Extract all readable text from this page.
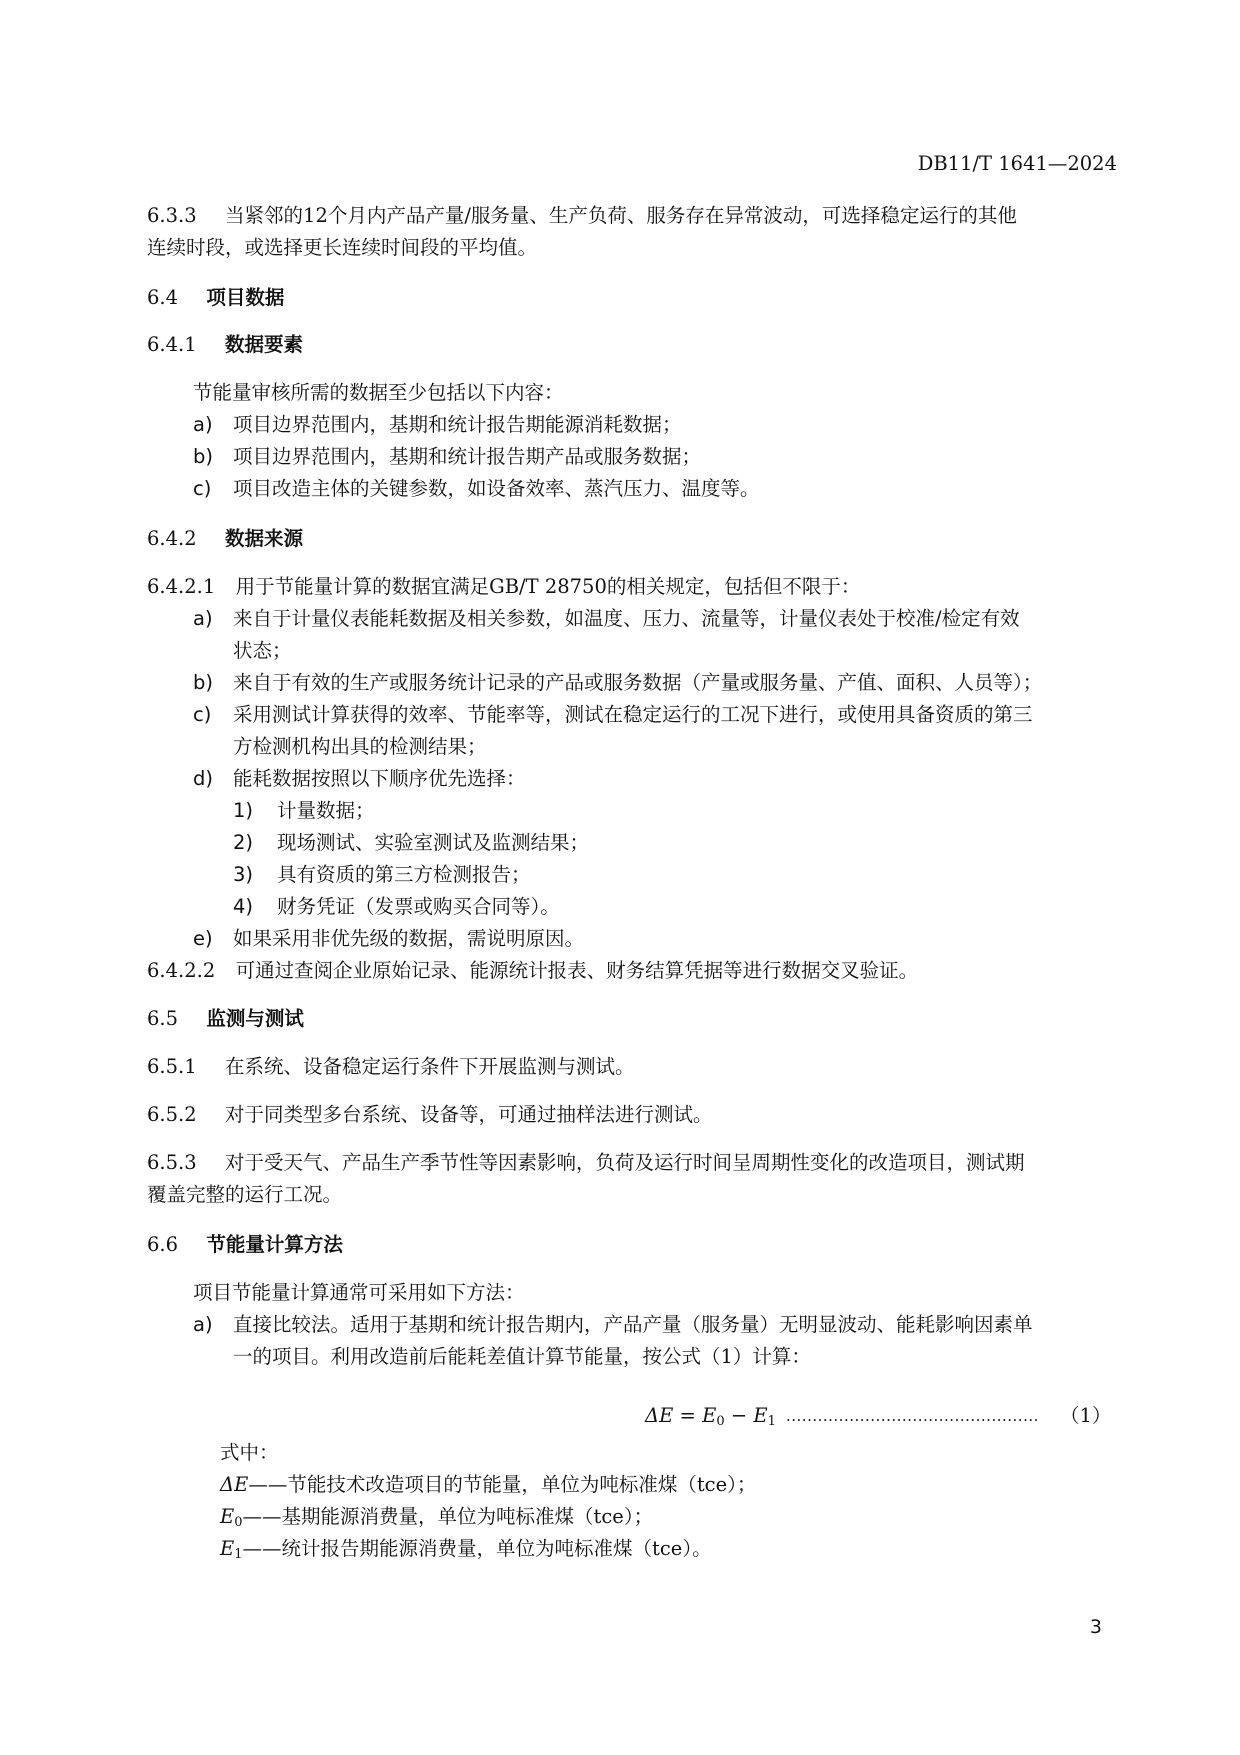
DB11/T 1641—2024
6.3.3 当紧邻的12个月内产品产量/服务量、生产负荷、服务存在异常波动，可选择稳定运行的其他
连续时段，或选择更长连续时间段的平均值。
6.4 项目数据
6.4.1 数据要素
节能量审核所需的数据至少包括以下内容：
a) 项目边界范围内，基期和统计报告期能源消耗数据；
b) 项目边界范围内，基期和统计报告期产品或服务数据；
c) 项目改造主体的关键参数，如设备效率、蒸汽压力、温度等。
6.4.2 数据来源
6.4.2.1 用于节能量计算的数据宜满足GB/T 28750的相关规定，包括但不限于：
a) 来自于计量仪表能耗数据及相关参数，如温度、压力、流量等，计量仪表处于校准/检定有效
状态；
b) 来自于有效的生产或服务统计记录的产品或服务数据（产量或服务量、产值、面积、人员等）；
c) 采用测试计算获得的效率、节能率等，测试在稳定运行的工况下进行，或使用具备资质的第三
方检测机构出具的检测结果；
d) 能耗数据按照以下顺序优先选择：
1) 计量数据；
2) 现场测试、实验室测试及监测结果；
3) 具有资质的第三方检测报告；
4) 财务凭证（发票或购买合同等）。
e) 如果采用非优先级的数据，需说明原因。
6.4.2.2 可通过查阅企业原始记录、能源统计报表、财务结算凭据等进行数据交叉验证。
6.5 监测与测试
6.5.1 在系统、设备稳定运行条件下开展监测与测试。
6.5.2 对于同类型多台系统、设备等，可通过抽样法进行测试。
6.5.3 对于受天气、产品生产季节性等因素影响，负荷及运行时间呈周期性变化的改造项目，测试期
覆盖完整的运行工况。
6.6 节能量计算方法
项目节能量计算通常可采用如下方法：
a) 直接比较法。适用于基期和统计报告期内，产品产量（服务量）无明显波动、能耗影响因素单
一的项目。利用改造前后能耗差值计算节能量，按公式（1）计算：
$\Delta E = E_0 - E_1$ ................................................ （1）
式中：
ΔE——节能技术改造项目的节能量，单位为吨标准煤（tce）；
$E_0——$基期能源消费量，单位为吨标准煤（tce）；
$E_1——$统计报告期能源消费量，单位为吨标准煤（tce）。
3
